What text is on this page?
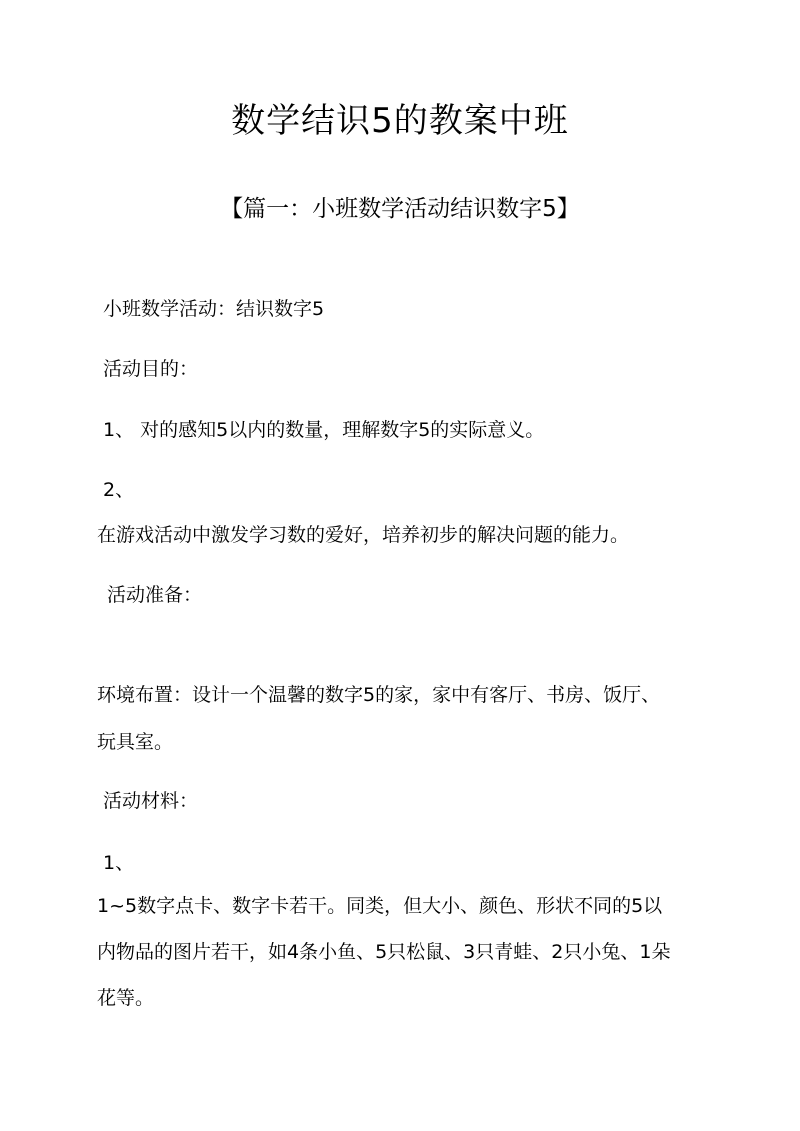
数学结识5的教案中班
【篇一：小班数学活动结识数字5】
小班数学活动：结识数字5
活动目的：
1、 对的感知5以内的数量，理解数字5的实际意义。
2、
在游戏活动中激发学习数的爱好，培养初步的解决问题的能力。
活动准备：
环境布置：设计一个温馨的数字5的家，家中有客厅、书房、饭厅、
玩具室。
活动材料：
1、
1~5数字点卡、数字卡若干。同类，但大小、颜色、形状不同的5以
内物品的图片若干，如4条小鱼、5只松鼠、3只青蛙、2只小兔、1朵
花等。
